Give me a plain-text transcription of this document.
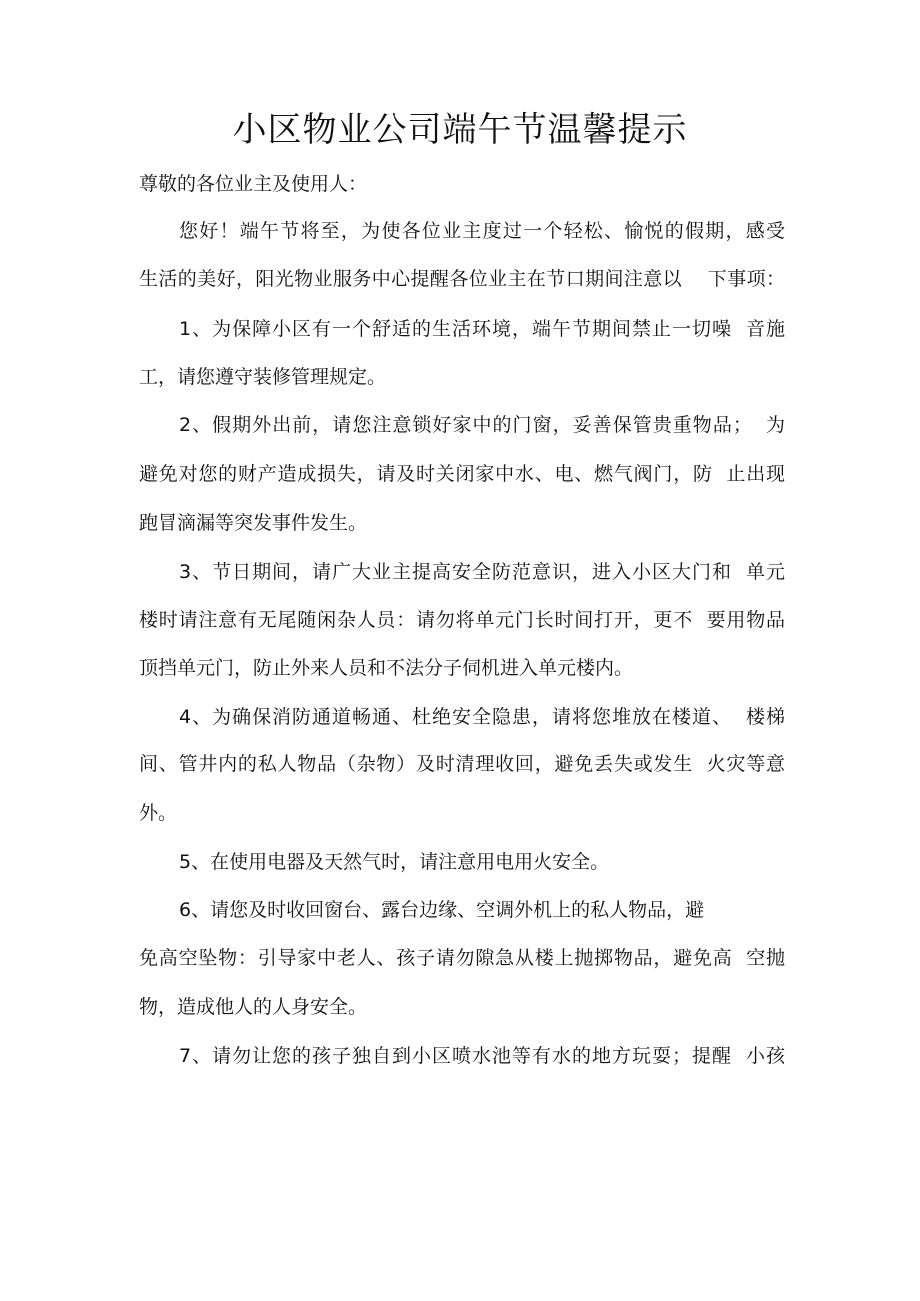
小区物业公司端午节温馨提示
尊敬的各位业主及使用人：
您好！端午节将至，为使各位业主度过一个轻松、愉悦的假期，感受
生活的美好，阳光物业服务中心提醒各位业主在节口期间注意以    下事项：
1、为保障小区有一个舒适的生活环境，端午节期间禁止一切噪  音施
工，请您遵守装修管理规定。
2、假期外出前，请您注意锁好家中的门窗，妥善保管贵重物品；  为
避免对您的财产造成损失，请及时关闭家中水、电、燃气阀门，防  止出现
跑冒滴漏等突发事件发生。
3、节日期间，请广大业主提高安全防范意识，进入小区大门和  单元
楼时请注意有无尾随闲杂人员：请勿将单元门长时间打开，更不  要用物品
顶挡单元门，防止外来人员和不法分子伺机进入单元楼内。
4、为确保消防通道畅通、杜绝安全隐患，请将您堆放在楼道、  楼梯
间、管井内的私人物品（杂物）及时清理收回，避免丢失或发生  火灾等意
外。
5、在使用电器及天然气时，请注意用电用火安全。
6、请您及时收回窗台、露台边缘、空调外机上的私人物品，避
免高空坠物：引导家中老人、孩子请勿隙急从楼上抛掷物品，避免高  空抛
物，造成他人的人身安全。
7、请勿让您的孩子独自到小区喷水池等有水的地方玩耍；提醒  小孩
